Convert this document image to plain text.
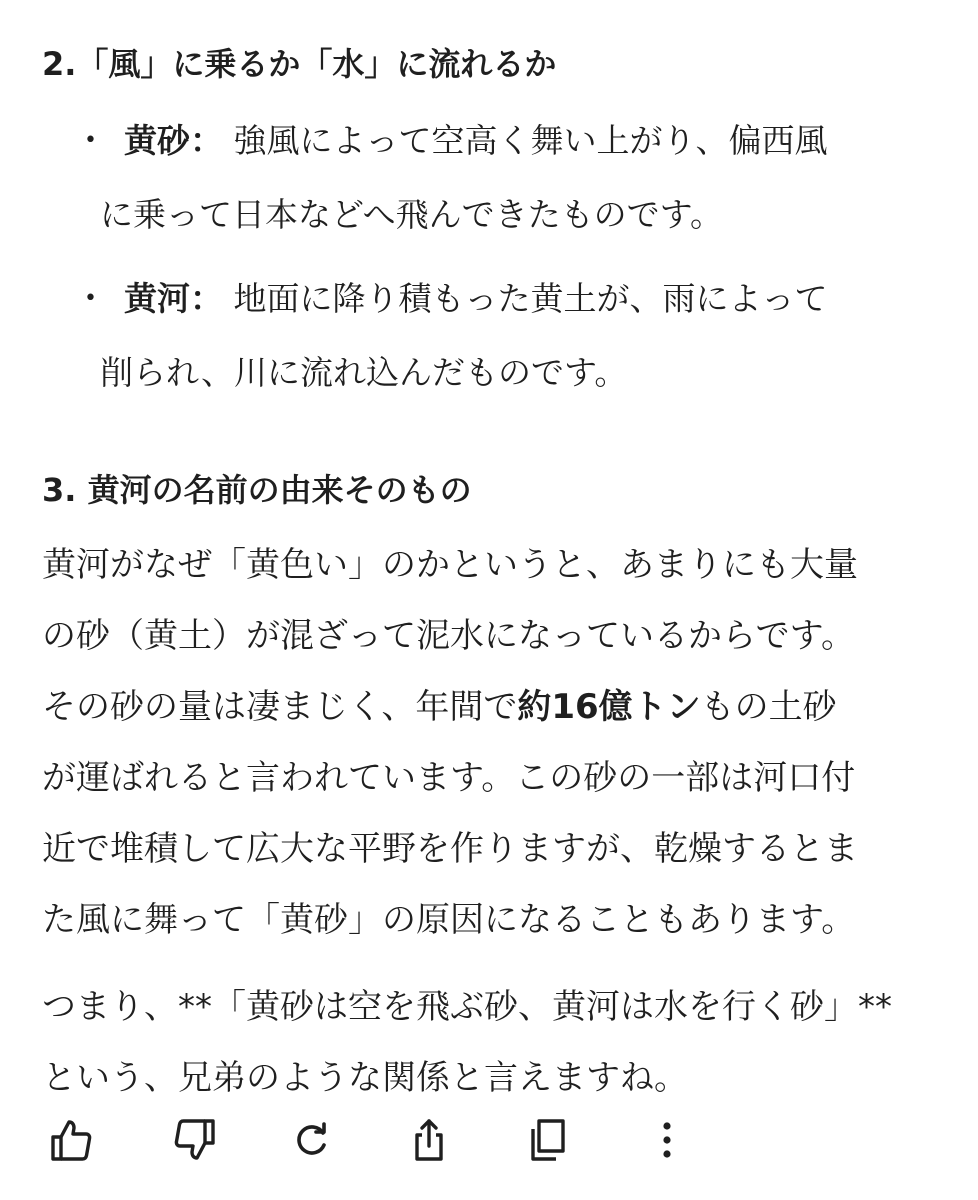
2.「風」に乗るか「水」に流れるか
• 黄砂： 強風によって空高く舞い上がり、偏西風
に乗って日本などへ飛んできたものです。
• 黄河： 地面に降り積もった黄土が、雨によって
削られ、川に流れ込んだものです。
3. 黄河の名前の由来そのもの

黄河がなぜ「黄色い」のかというと、あまりにも大量
の砂（黄土）が混ざって泥水になっているからです。
その砂の量は凄まじく、年間で約16億トンもの土砂
が運ばれると言われています。この砂の一部は河口付
近で堆積して広大な平野を作りますが、乾燥するとま
た風に舞って「黄砂」の原因になることもあります。

つまり、**「黄砂は空を飛ぶ砂、黄河は水を行く砂」**
という、兄弟のような関係と言えますね。
